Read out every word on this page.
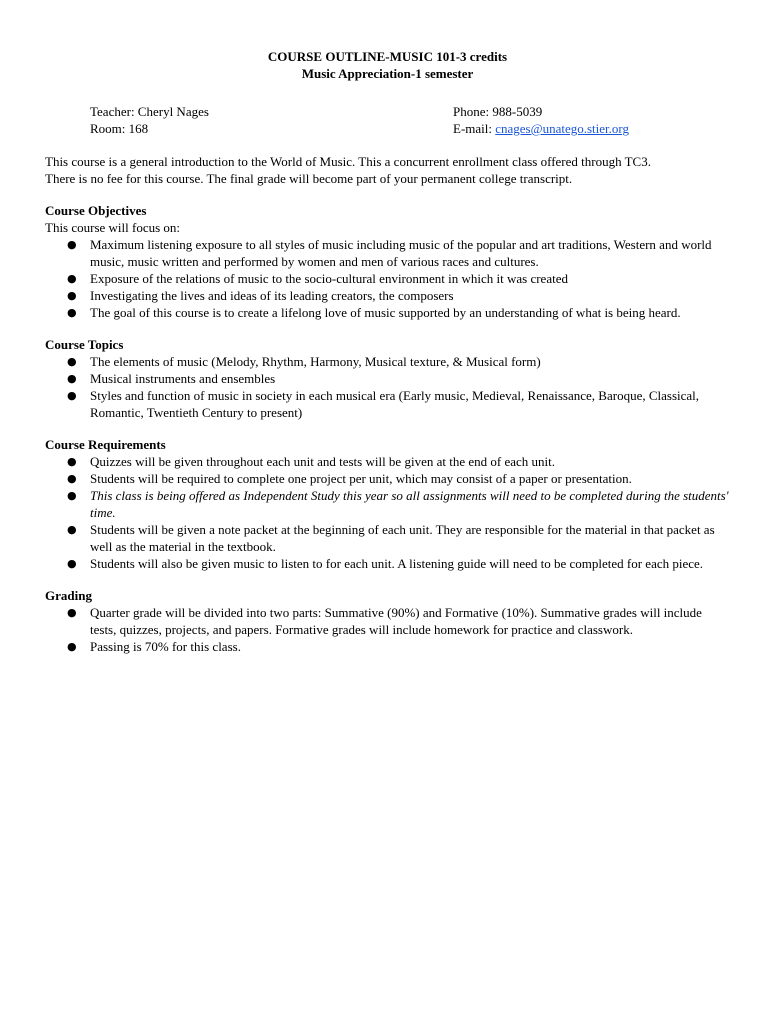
COURSE OUTLINE-MUSIC 101-3 credits
Music Appreciation-1 semester
Teacher: Cheryl Nages
Room: 168
Phone: 988-5039
E-mail: cnages@unatego.stier.org
This course is a general introduction to the World of Music. This a concurrent enrollment class offered through TC3.
There is no fee for this course. The final grade will become part of your permanent college transcript.
Course Objectives
This course will focus on:
● Maximum listening exposure to all styles of music including music of the popular and art traditions, Western and world music, music written and performed by women and men of various races and cultures.
● Exposure of the relations of music to the socio-cultural environment in which it was created
● Investigating the lives and ideas of its leading creators, the composers
● The goal of this course is to create a lifelong love of music supported by an understanding of what is being heard.
Course Topics
● The elements of music (Melody, Rhythm, Harmony, Musical texture, & Musical form)
● Musical instruments and ensembles
● Styles and function of music in society in each musical era (Early music, Medieval, Renaissance, Baroque, Classical, Romantic, Twentieth Century to present)
Course Requirements
● Quizzes will be given throughout each unit and tests will be given at the end of each unit.
● Students will be required to complete one project per unit, which may consist of a paper or presentation.
● This class is being offered as Independent Study this year so all assignments will need to be completed during the students' time.
● Students will be given a note packet at the beginning of each unit. They are responsible for the material in that packet as well as the material in the textbook.
● Students will also be given music to listen to for each unit. A listening guide will need to be completed for each piece.
Grading
● Quarter grade will be divided into two parts: Summative (90%) and Formative (10%). Summative grades will include tests, quizzes, projects, and papers. Formative grades will include homework for practice and classwork.
● Passing is 70% for this class.
